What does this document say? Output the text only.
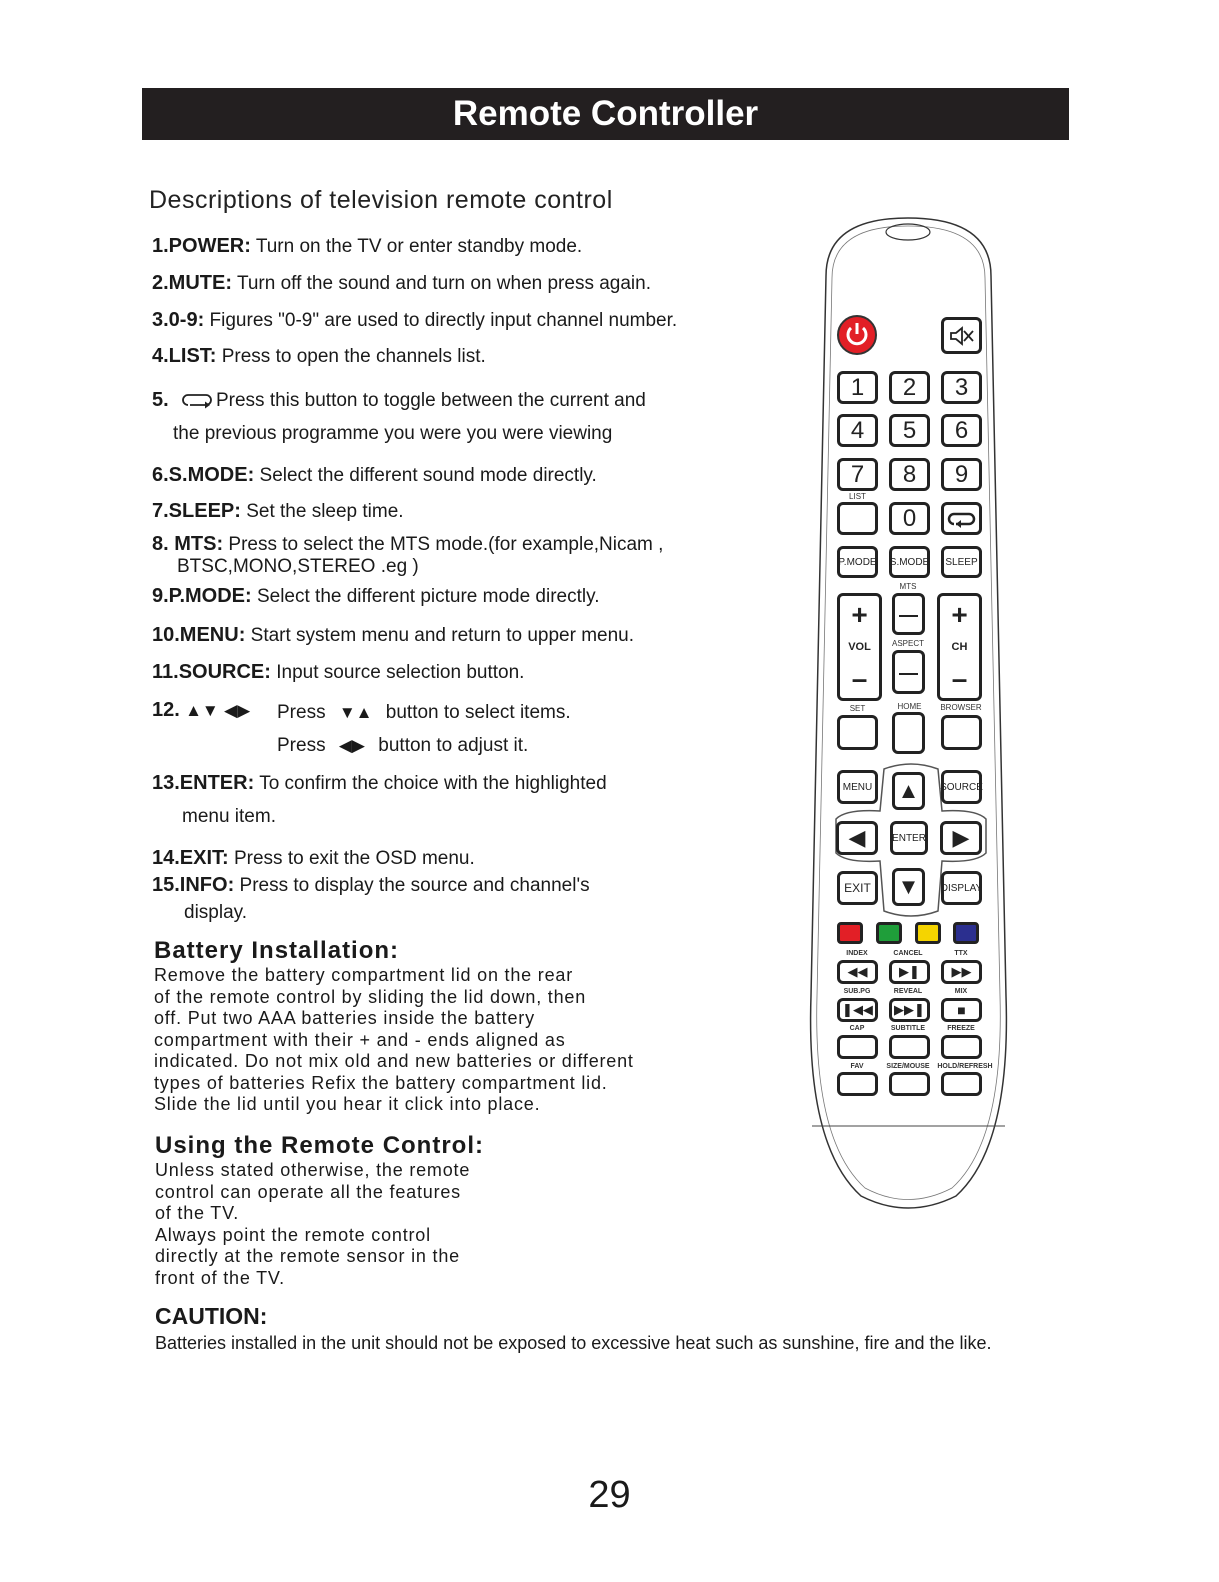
Remote Controller
Descriptions of television remote control
1.POWER: Turn on the TV or enter standby mode.
2.MUTE: Turn off the sound and turn on when press again.
3.0-9: Figures "0-9" are used to directly input channel number.
4.LIST: Press to open the channels list.
5. Press this button to toggle between the current and
the previous programme you were you were viewing
6.S.MODE: Select the different sound mode directly.
7.SLEEP: Set the sleep time.
8. MTS: Press to select the MTS mode.(for example,Nicam ,
BTSC,MONO,STEREO .eg )
9.P.MODE: Select the different picture mode directly.
10.MENU: Start system menu and return to upper menu.
11.SOURCE: Input source selection button.
12. ▲▼ ◀▶ Press ▼▲ button to select items.
Press ◀▶ button to adjust it.
13.ENTER: To confirm the choice with the highlighted
menu item.
14.EXIT: Press to exit the OSD menu.
15.INFO: Press to display the source and channel's
display.
Battery Installation:
Remove the battery compartment lid on the rear
of the remote control by sliding the lid down, then
off. Put two AAA batteries inside the battery
compartment with their + and - ends aligned as
indicated. Do not mix old and new batteries or different
types of batteries Refix the battery compartment lid.
Slide the lid until you hear it click into place.
Using the Remote Control:
Unless stated otherwise, the remote
control can operate all the features
of the TV.
Always point the remote control
directly at the remote sensor in the
front of the TV.
CAUTION:
Batteries installed in the unit should not be exposed to excessive heat such as sunshine, fire and the like.
29
1	2	3
4	5	6
7	8	9
LIST
0
P.MODE S.MODE	SLEEP
+
VOL
–
+
CH
–
MTS
ASPECT
SET	HOME	BROWSER
MENU	SOURCE
▲
◀	ENTER ▶
EXIT	▼ DISPLAY
INDEX	CANCEL	TTX
◀◀ ▶❚ ▶▶
SUB.PG	REVEAL	MIX
❚◀◀ ▶▶❚ ■
CAP	SUBTITLE	FREEZE
FAV	SIZE/MOUSE	HOLD/REFRESH
